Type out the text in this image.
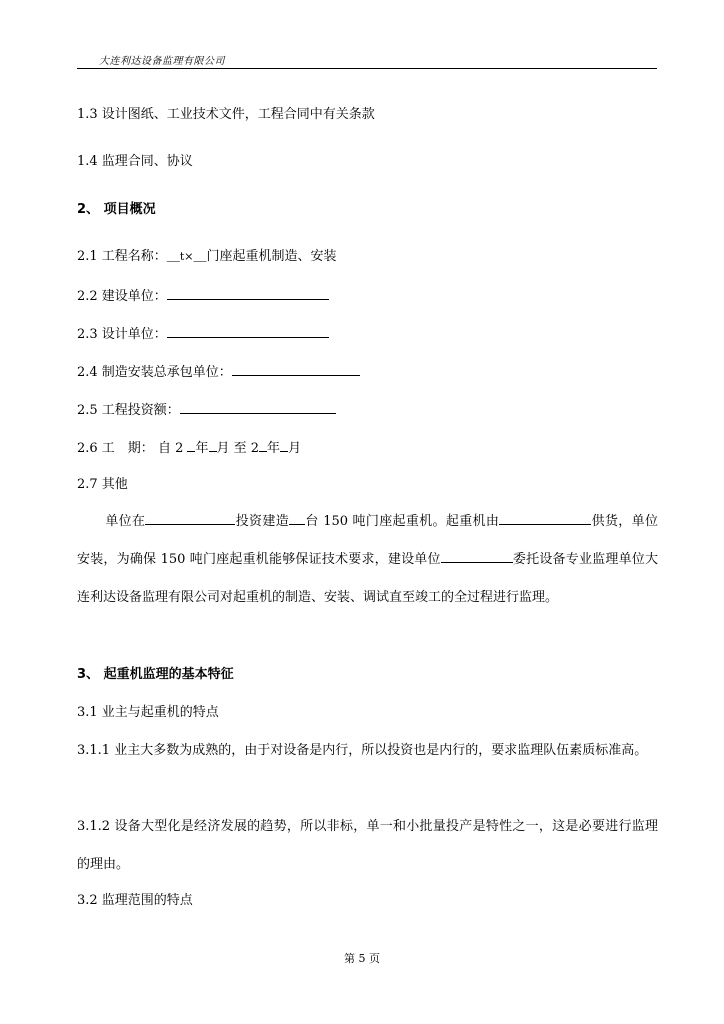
大连利达设备监理有限公司
1.3 设计图纸、工业技术文件，工程合同中有关条款
1.4 监理合同、协议
2、 项目概况
2.1 工程名称：＿t×＿门座起重机制造、安装
2.2 建设单位：
2.3 设计单位：
2.4 制造安装总承包单位：
2.5 工程投资额：
2.6 工　期： 自 2 年 月 至 2 年 月
2.7 其他
单位在	投资建造 台 150 吨门座起重机。起重机由	供货，单位安装，为确保 150 吨门座起重机能够保证技术要求，建设单位	委托设备专业监理单位大连利达设备监理有限公司对起重机的制造、安装、调试直至竣工的全过程进行监理。
3、 起重机监理的基本特征
3.1 业主与起重机的特点
3.1.1 业主大多数为成熟的，由于对设备是内行，所以投资也是内行的，要求监理队伍素质标准高。
3.1.2 设备大型化是经济发展的趋势，所以非标，单一和小批量投产是特性之一，这是必要进行监理的理由。
3.2 监理范围的特点
第 5 页
